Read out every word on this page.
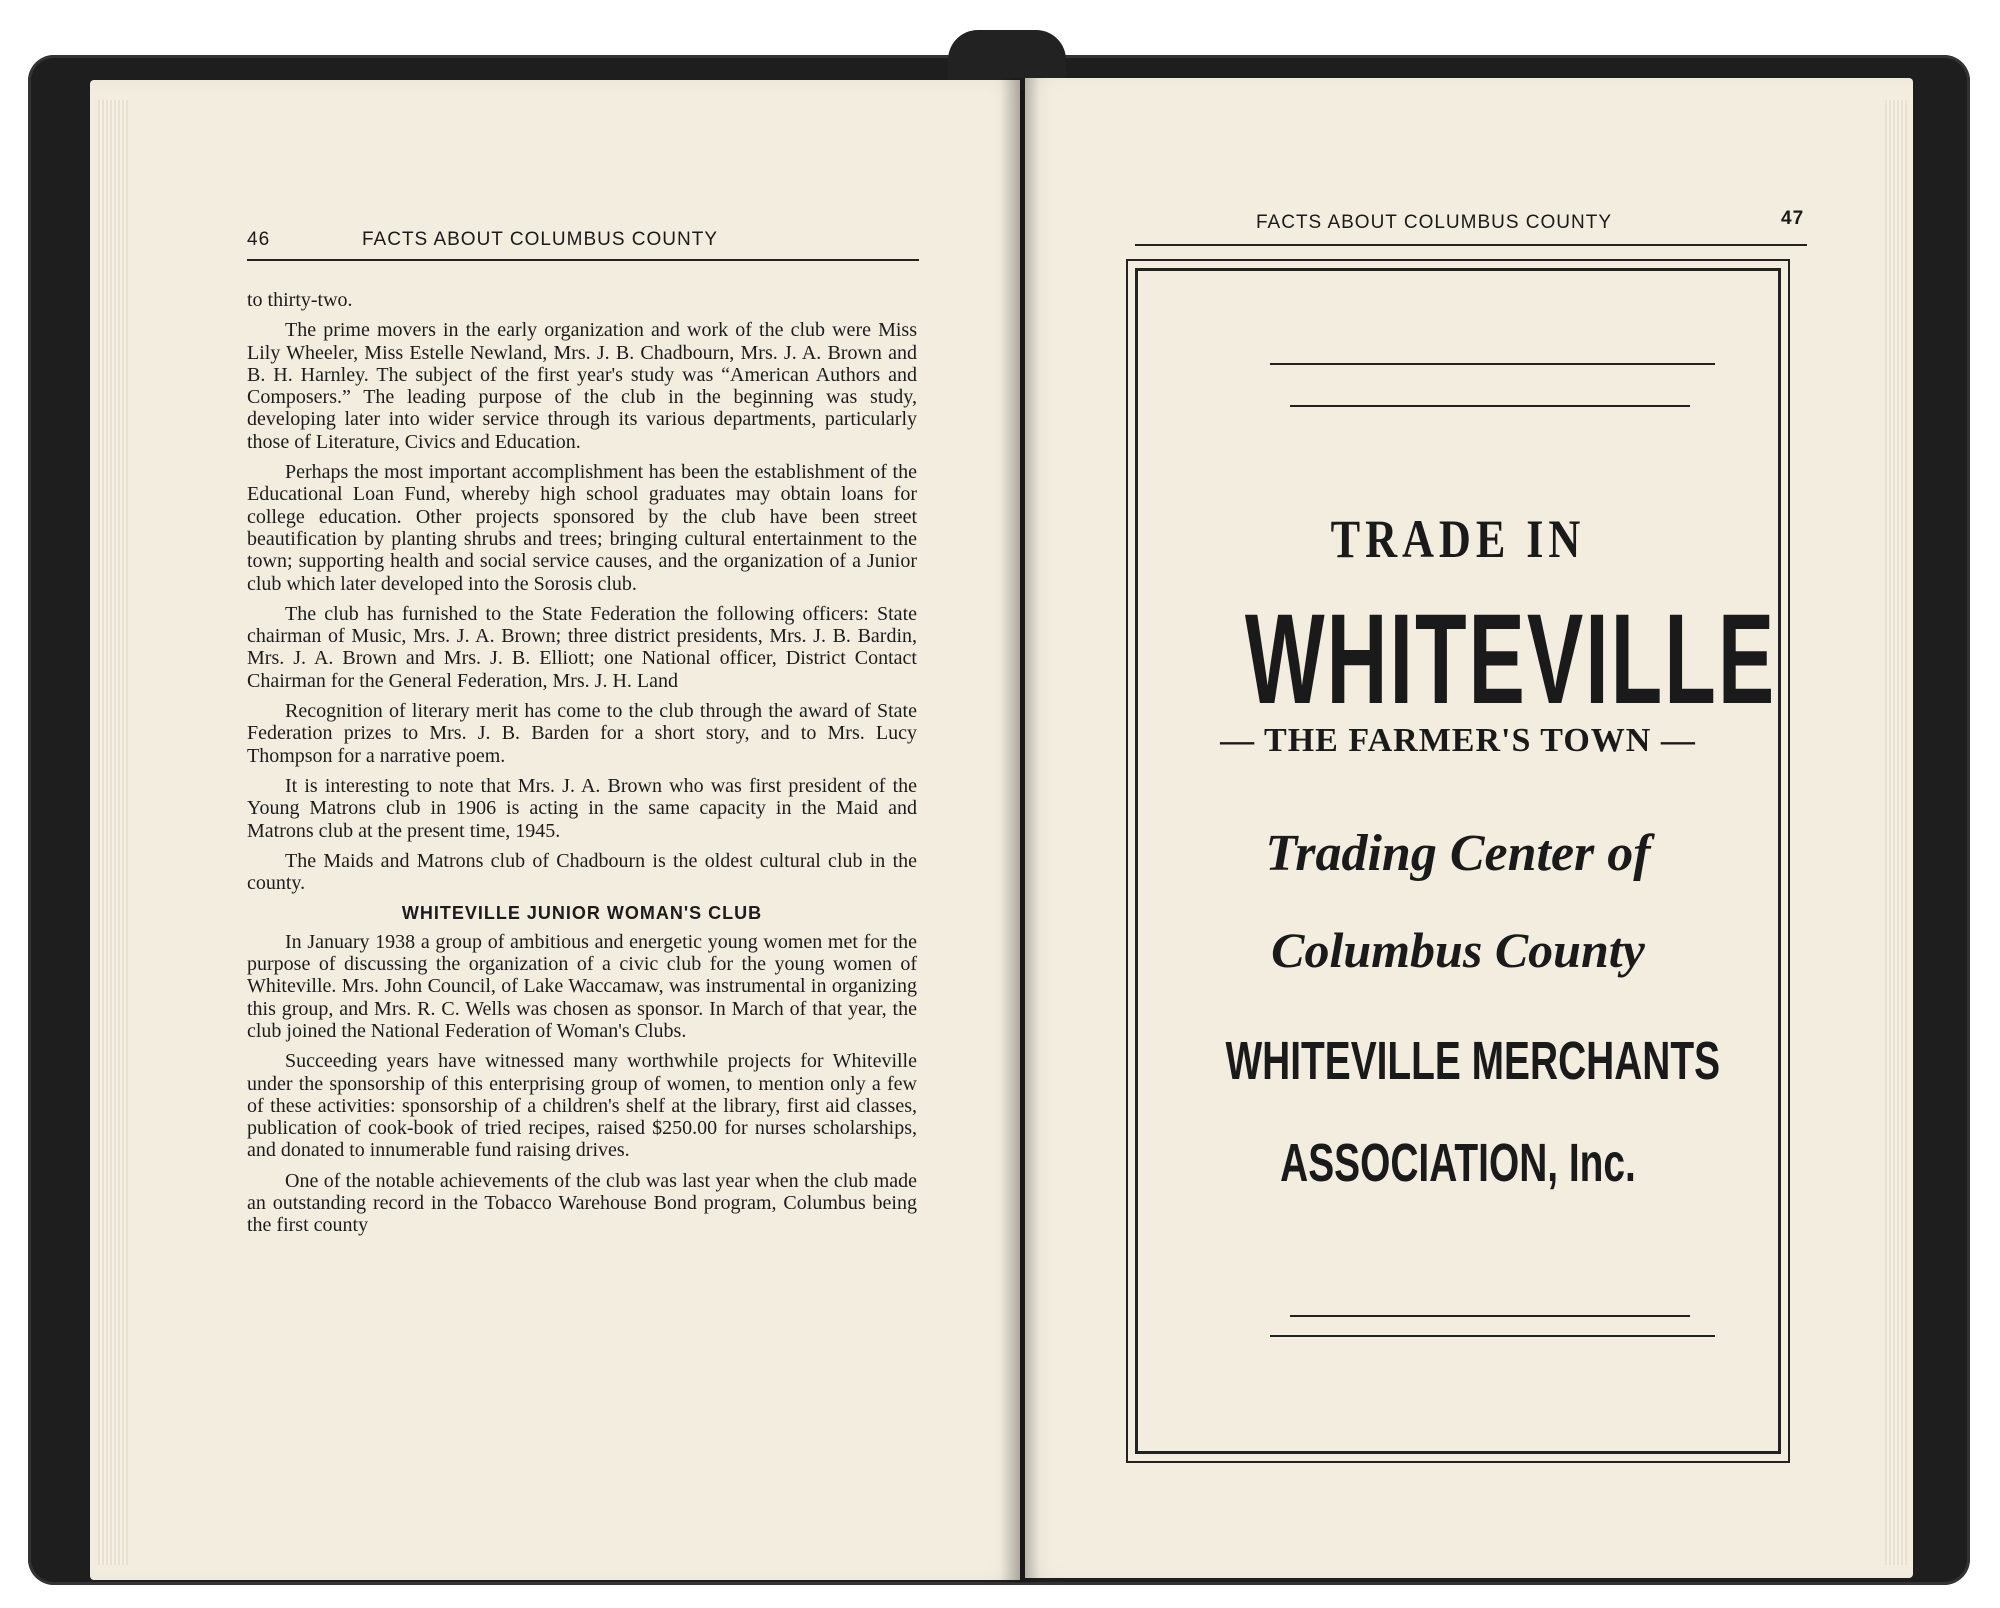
46	FACTS ABOUT COLUMBUS COUNTY

to thirty-two.

The prime movers in the early organization and work of the club were Miss Lily Wheeler, Miss Estelle Newland, Mrs. J. B. Chadbourn, Mrs. J. A. Brown and B. H. Harnley. The subject of the first year's study was “American Authors and Composers.” The leading purpose of the club in the beginning was study, developing later into wider service through its various departments, particularly those of Literature, Civics and Education.

Perhaps the most important accomplishment has been the establishment of the Educational Loan Fund, whereby high school graduates may obtain loans for college education. Other projects sponsored by the club have been street beautification by planting shrubs and trees; bringing cultural entertainment to the town; supporting health and social service causes, and the organization of a Junior club which later developed into the Sorosis club.

The club has furnished to the State Federation the following officers: State chairman of Music, Mrs. J. A. Brown; three district presidents, Mrs. J. B. Bardin, Mrs. J. A. Brown and Mrs. J. B. Elliott; one National officer, District Contact Chairman for the General Federation, Mrs. J. H. Land

Recognition of literary merit has come to the club through the award of State Federation prizes to Mrs. J. B. Barden for a short story, and to Mrs. Lucy Thompson for a narrative poem.

It is interesting to note that Mrs. J. A. Brown who was first president of the Young Matrons club in 1906 is acting in the same capacity in the Maid and Matrons club at the present time, 1945.

The Maids and Matrons club of Chadbourn is the oldest cultural club in the county.

WHITEVILLE JUNIOR WOMAN'S CLUB

In January 1938 a group of ambitious and energetic young women met for the purpose of discussing the organization of a civic club for the young women of Whiteville. Mrs. John Council, of Lake Waccamaw, was instrumental in organizing this group, and Mrs. R. C. Wells was chosen as sponsor. In March of that year, the club joined the National Federation of Woman's Clubs.

Succeeding years have witnessed many worthwhile projects for Whiteville under the sponsorship of this enterprising group of women, to mention only a few of these activities: sponsorship of a children's shelf at the library, first aid classes, publication of cook-book of tried recipes, raised $250.00 for nurses scholarships, and donated to innumerable fund raising drives.

One of the notable achievements of the club was last year when the club made an outstanding record in the Tobacco Warehouse Bond program, Columbus being the first county

FACTS ABOUT COLUMBUS COUNTY	47
TRADE IN
WHITEVILLE
— THE FARMER'S TOWN —
Trading Center of
Columbus County
WHITEVILLE MERCHANTS
ASSOCIATION, Inc.
